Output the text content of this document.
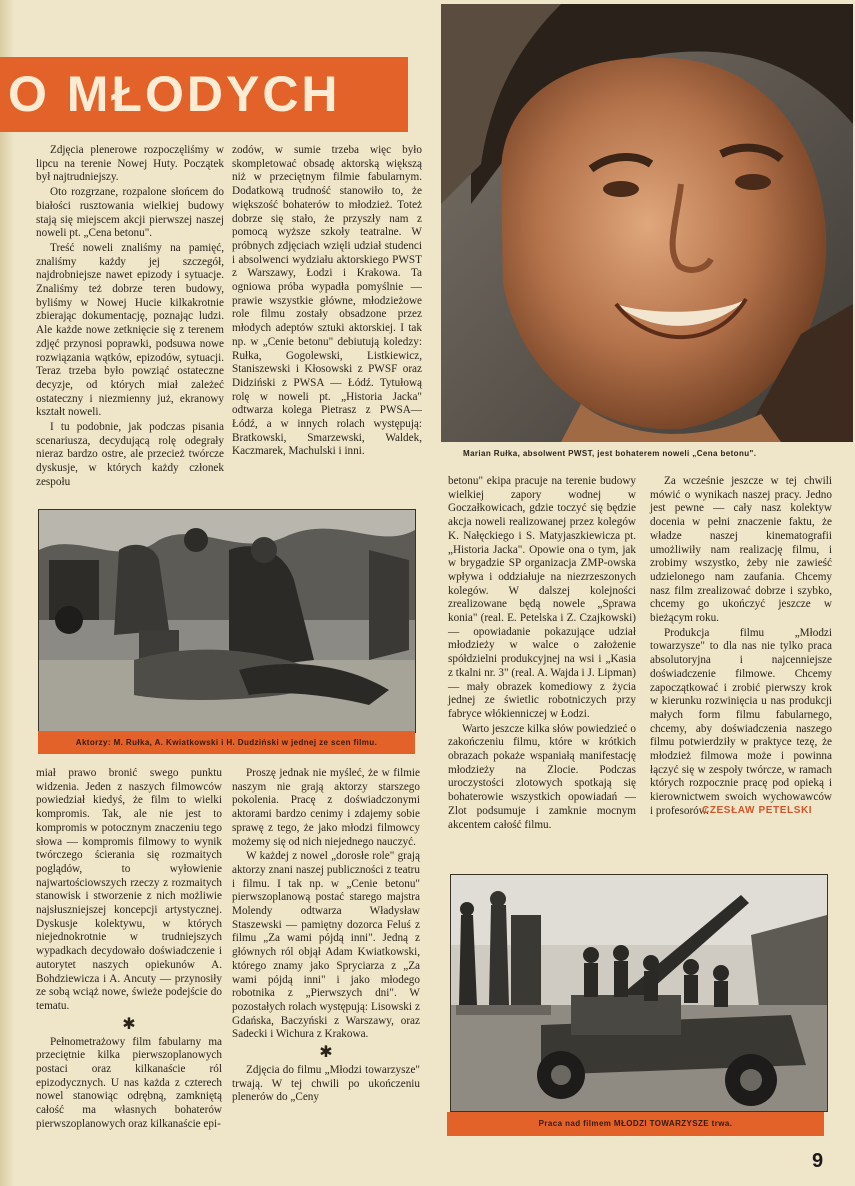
O MŁODYCH
Marian Rułka, absolwent PWST, jest bohaterem noweli „Cena betonu".

Zdjęcia plenerowe rozpoczęliśmy w lipcu na terenie Nowej Huty. Początek był najtrudniejszy.

Oto rozgrzane, rozpalone słońcem do białości rusztowania wielkiej budowy stają się miejscem akcji pierwszej naszej noweli pt. „Cena betonu".

Treść noweli znaliśmy na pamięć, znaliśmy każdy jej szczegół, najdrobniejsze nawet epizody i sytuacje. Znaliśmy też dobrze teren budowy, byliśmy w Nowej Hucie kilkakrotnie zbierając dokumentację, poznając ludzi. Ale każde nowe zetknięcie się z terenem zdjęć przynosi poprawki, podsuwa nowe rozwiązania wątków, epizodów, sytuacji. Teraz trzeba było powziąć ostateczne decyzje, od których miał zależeć ostateczny i niezmienny już, ekranowy kształt noweli.

I tu podobnie, jak podczas pisania scenariusza, decydującą rolę odegrały nieraz bardzo ostre, ale przecież twórcze dyskusje, w których każdy członek zespołu

zodów, w sumie trzeba więc było skompletować obsadę aktorską większą niż w przeciętnym filmie fabularnym. Dodatkową trudność stanowiło to, że większość bohaterów to młodzież. Toteż dobrze się stało, że przyszły nam z pomocą wyższe szkoły teatralne. W próbnych zdjęciach wzięli udział studenci i absolwenci wydziału aktorskiego PWST z Warszawy, Łodzi i Krakowa. Ta ogniowa próba wypadła pomyślnie — prawie wszystkie główne, młodzieżowe role filmu zostały obsadzone przez młodych adeptów sztuki aktorskiej. I tak np. w „Cenie betonu" debiutują koledzy: Rułka, Gogolewski, Listkiewicz, Staniszewski i Kłosowski z PWSF oraz Didziński z PWSA — Łódź. Tytułową rolę w noweli pt. „Historia Jacka" odtwarza kolega Pietrasz z PWSA—Łódź, a w innych rolach występują: Bratkowski, Smarzewski, Waldek, Kaczmarek, Machulski i inni.

Aktorzy: M. Rułka, A. Kwiatkowski i H. Dudziński w jednej ze scen filmu.

betonu" ekipa pracuje na terenie budowy wielkiej zapory wodnej w Goczałkowicach, gdzie toczyć się będzie akcja noweli realizowanej przez kolegów K. Nałęckiego i S. Matyjaszkiewicza pt. „Historia Jacka". Opowie ona o tym, jak w brygadzie SP organizacja ZMP-owska wpływa i oddziałuje na niezrzeszonych kolegów. W dalszej kolejności zrealizowane będą nowele „Sprawa konia" (real. E. Petelska i Z. Czajkowski) — opowiadanie pokazujące udział młodzieży w walce o założenie spółdzielni produkcyjnej na wsi i „Kasia z tkalni nr. 3" (real. A. Wajda i J. Lipman) — mały obrazek komediowy z życia jednej ze świetlic robotniczych przy fabryce włókienniczej w Łodzi.

Warto jeszcze kilka słów powiedzieć o zakończeniu filmu, które w krótkich obrazach pokaże wspaniałą manifestację młodzieży na Zlocie. Podczas uroczystości zlotowych spotkają się bohaterowie wszystkich opowiadań — Zlot podsumuje i zamknie mocnym akcentem całość filmu.

Za wcześnie jeszcze w tej chwili mówić o wynikach naszej pracy. Jedno jest pewne — cały nasz kolektyw docenia w pełni znaczenie faktu, że władze naszej kinematografii umożliwiły nam realizację filmu, i zrobimy wszystko, żeby nie zawieść udzielonego nam zaufania. Chcemy nasz film zrealizować dobrze i szybko, chcemy go ukończyć jeszcze w bieżącym roku.

Produkcja filmu „Młodzi towarzysze" to dla nas nie tylko praca absolutoryjna i najcenniejsze doświadczenie filmowe. Chcemy zapoczątkować i zrobić pierwszy krok w kierunku rozwinięcia u nas produkcji małych form filmu fabularnego, chcemy, aby doświadczenia naszego filmu potwierdziły w praktyce tezę, że młodzież filmowa może i powinna łączyć się w zespoły twórcze, w ramach których rozpocznie pracę pod opieką i kierownictwem swoich wychowawców i profesorów.

CZESŁAW PETELSKI

miał prawo bronić swego punktu widzenia. Jeden z naszych filmowców powiedział kiedyś, że film to wielki kompromis. Tak, ale nie jest to kompromis w potocznym znaczeniu tego słowa — kompromis filmowy to wynik twórczego ścierania się rozmaitych poglądów, to wyłowienie najwartościowszych rzeczy z rozmaitych stanowisk i stworzenie z nich możliwie najsłuszniejszej koncepcji artystycznej. Dyskusje kolektywu, w których niejednokrotnie w trudniejszych wypadkach decydowało doświadczenie i autorytet naszych opiekunów A. Bohdziewicza i A. Ancuty — przynosiły ze sobą wciąż nowe, świeże podejście do tematu.

✱

Pełnometrażowy film fabularny ma przeciętnie kilka pierwszoplanowych postaci oraz kilkanaście ról epizodycznych. U nas każda z czterech nowel stanowiąc odrębną, zamkniętą całość ma własnych bohaterów pierwszoplanowych oraz kilkanaście epi-

Proszę jednak nie myśleć, że w filmie naszym nie grają aktorzy starszego pokolenia. Pracę z doświadczonymi aktorami bardzo cenimy i zdajemy sobie sprawę z tego, że jako młodzi filmowcy możemy się od nich niejednego nauczyć.

W każdej z nowel „dorosłe role" grają aktorzy znani naszej publiczności z teatru i filmu. I tak np. w „Cenie betonu" pierwszoplanową postać starego majstra Molendy odtwarza Władysław Staszewski — pamiętny dozorca Feluś z filmu „Za wami pójdą inni". Jedną z głównych ról objął Adam Kwiatkowski, którego znamy jako Spryciarza z „Za wami pójdą inni" i jako młodego robotnika z „Pierwszych dni". W pozostałych rolach występują: Lisowski z Gdańska, Baczyński z Warszawy, oraz Sadecki i Wichura z Krakowa.

✱

Zdjęcia do filmu „Młodzi towarzysze" trwają. W tej chwili po ukończeniu plenerów do „Ceny

Praca nad filmem MŁODZI TOWARZYSZE trwa.
9
